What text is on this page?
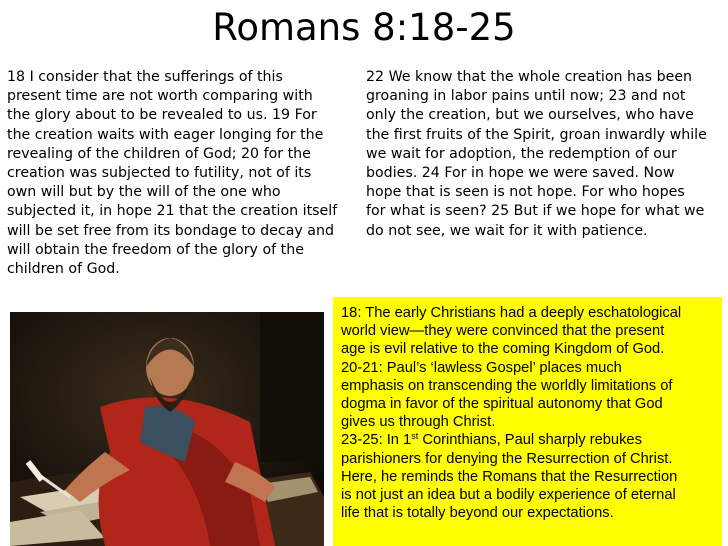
Romans 8:18-25
18 I consider that the sufferings of this
present time are not worth comparing with
the glory about to be revealed to us. 19 For
the creation waits with eager longing for the
revealing of the children of God; 20 for the
creation was subjected to futility, not of its
own will but by the will of the one who
subjected it, in hope 21 that the creation itself
will be set free from its bondage to decay and
will obtain the freedom of the glory of the
children of God.
22 We know that the whole creation has been
groaning in labor pains until now; 23 and not
only the creation, but we ourselves, who have
the first fruits of the Spirit, groan inwardly while
we wait for adoption, the redemption of our
bodies. 24 For in hope we were saved. Now
hope that is seen is not hope. For who hopes
for what is seen? 25 But if we hope for what we
do not see, we wait for it with patience.
18: The early Christians had a deeply eschatological
world view—they were convinced that the present
age is evil relative to the coming Kingdom of God.
20-21: Paul’s ‘lawless Gospel’ places much
emphasis on transcending the worldly limitations of
dogma in favor of the spiritual autonomy that God
gives us through Christ.
23-25: In 1st Corinthians, Paul sharply rebukes
parishioners for denying the Resurrection of Christ.
Here, he reminds the Romans that the Resurrection
is not just an idea but a bodily experience of eternal
life that is totally beyond our expectations.
